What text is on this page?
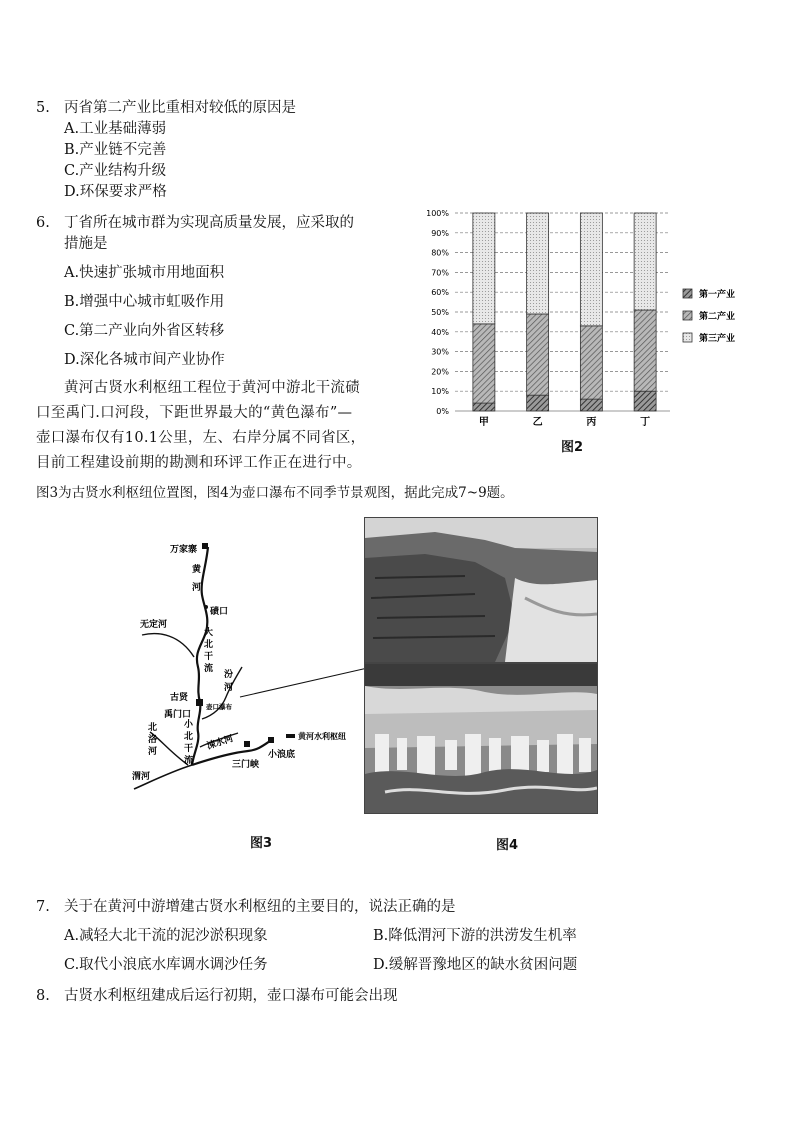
5. 丙省第二产业比重相对较低的原因是
A.工业基础薄弱
B.产业链不完善
C.产业结构升级
D.环保要求严格
6. 丁省所在城市群为实现高质量发展，应采取的
措施是
A.快速扩张城市用地面积
B.增强中心城市虹吸作用
C.第二产业向外省区转移
D.深化各城市间产业协作
黄河古贤水利枢纽工程位于黄河中游北干流碛
口至禹门.口河段，下距世界最大的“黄色瀑布”—
壶口瀑布仅有10.1公里，左、右岸分属不同省区，
目前工程建设前期的勘测和环评工作正在进行中。
图3为古贤水利枢纽位置图，图4为壶口瀑布不同季节景观图，据此完成7~9题。
0%
10%
20%
30%
40%
50%
60%
70%
80%
90%
100%
甲	乙	丙	丁
第一产业
第二产业
第三产业
图2
万家寨
黄
河
碛口
无定河
大
北
干
流
汾
河
古贤
壶口瀑布
禹门口
小
北
干
流
北
洛
河
渭河
涑水河
三门峡
小浪底
黄河水利枢纽
图3	图4
7. 关于在黄河中游增建古贤水利枢纽的主要目的，说法正确的是
A.减轻大北干流的泥沙淤积现象	B.降低渭河下游的洪涝发生机率
C.取代小浪底水库调水调沙任务	D.缓解晋豫地区的缺水贫困问题
8. 古贤水利枢纽建成后运行初期，壶口瀑布可能会出现
